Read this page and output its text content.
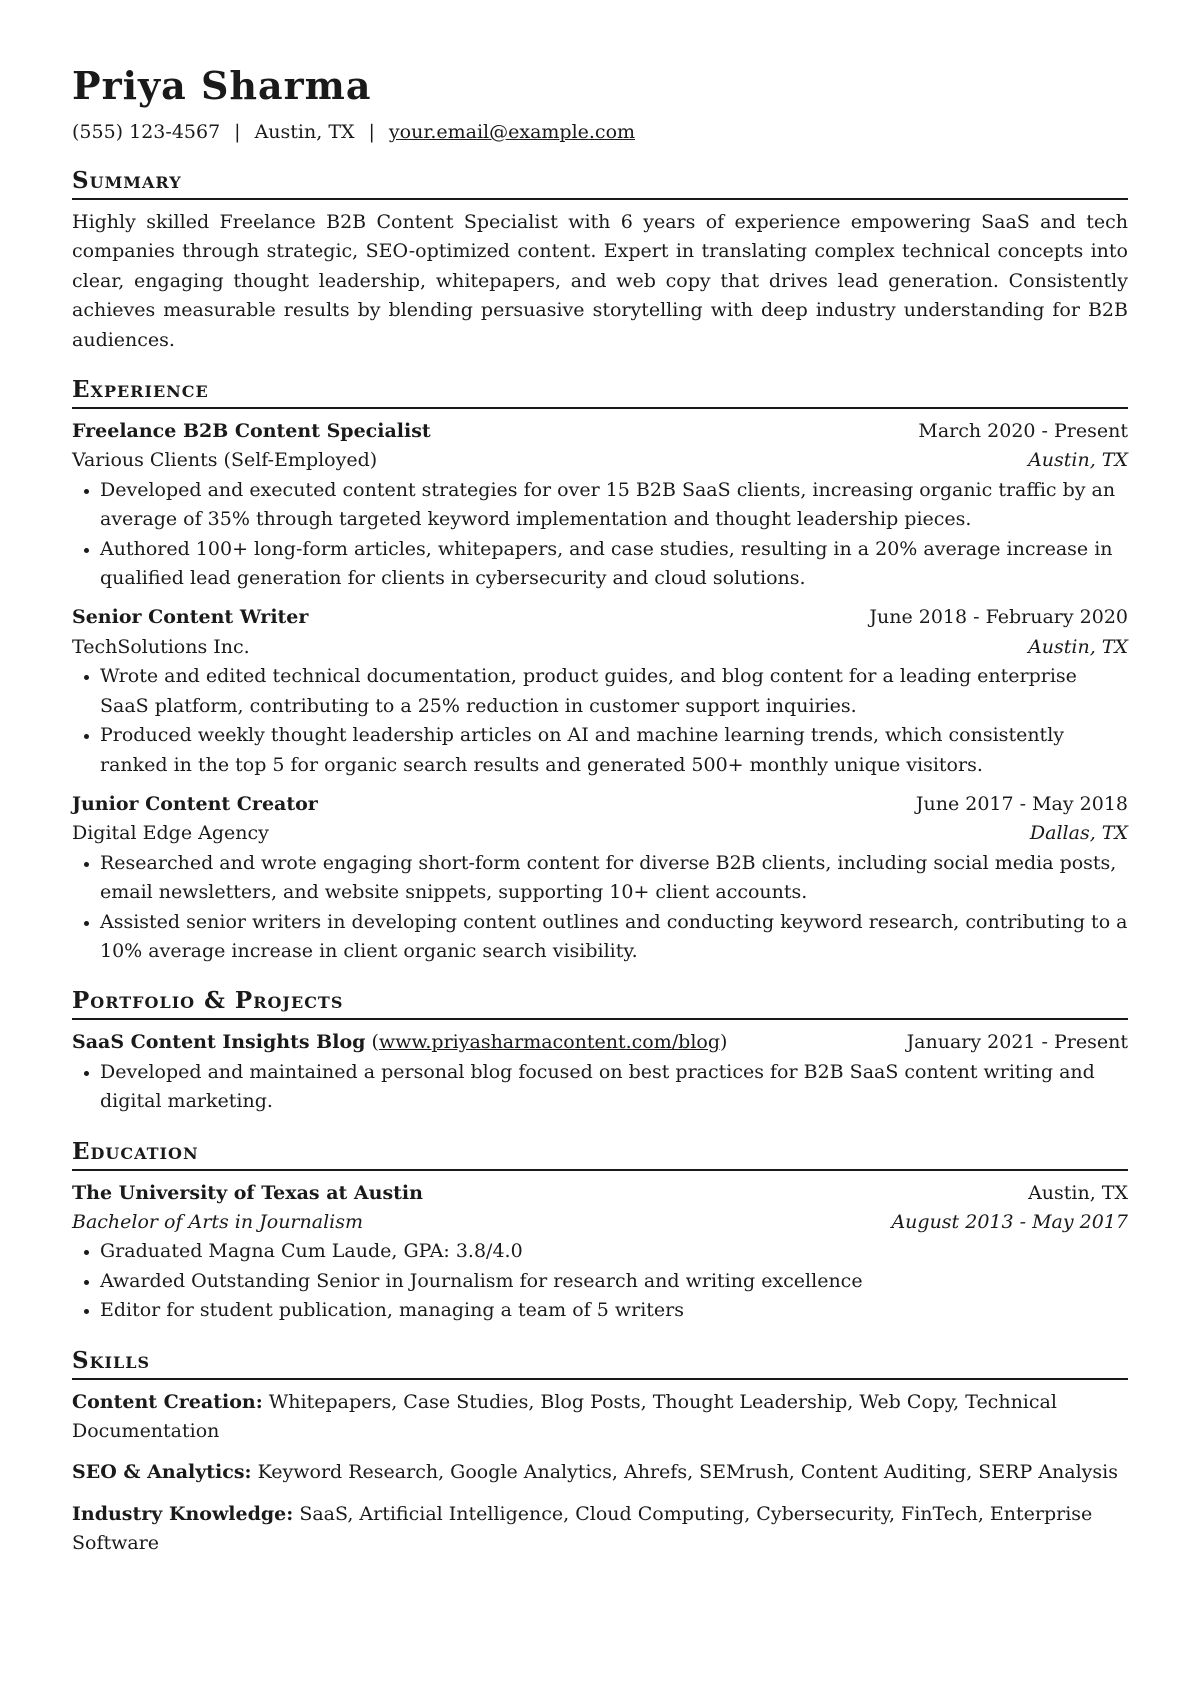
Priya Sharma
(555) 123-4567 | Austin, TX | your.email@example.com
Summary

Highly skilled Freelance B2B Content Specialist with 6 years of experience empowering SaaS and tech companies through strategic, SEO-optimized content. Expert in translating complex technical concepts into clear, engaging thought leadership, whitepapers, and web copy that drives lead generation. Consistently achieves measurable results by blending persuasive storytelling with deep industry understanding for B2B audiences.

Experience
Freelance B2B Content Specialist	March 2020 - Present
Various Clients (Self-Employed)	Austin, TX
• Developed and executed content strategies for over 15 B2B SaaS clients, increasing organic traffic by an average of 35% through targeted keyword implementation and thought leadership pieces.
• Authored 100+ long-form articles, whitepapers, and case studies, resulting in a 20% average increase in qualified lead generation for clients in cybersecurity and cloud solutions.
Senior Content Writer	June 2018 - February 2020
TechSolutions Inc.	Austin, TX
• Wrote and edited technical documentation, product guides, and blog content for a leading enterprise SaaS platform, contributing to a 25% reduction in customer support inquiries.
• Produced weekly thought leadership articles on AI and machine learning trends, which consistently ranked in the top 5 for organic search results and generated 500+ monthly unique visitors.
Junior Content Creator	June 2017 - May 2018
Digital Edge Agency	Dallas, TX
• Researched and wrote engaging short-form content for diverse B2B clients, including social media posts, email newsletters, and website snippets, supporting 10+ client accounts.
• Assisted senior writers in developing content outlines and conducting keyword research, contributing to a 10% average increase in client organic search visibility.
Portfolio & Projects
SaaS Content Insights Blog (www.priyasharmacontent.com/blog)	January 2021 - Present
• Developed and maintained a personal blog focused on best practices for B2B SaaS content writing and digital marketing.
Education
The University of Texas at Austin	Austin, TX
Bachelor of Arts in Journalism	August 2013 - May 2017
• Graduated Magna Cum Laude, GPA: 3.8/4.0
• Awarded Outstanding Senior in Journalism for research and writing excellence
• Editor for student publication, managing a team of 5 writers
Skills

Content Creation: Whitepapers, Case Studies, Blog Posts, Thought Leadership, Web Copy, Technical Documentation

SEO & Analytics: Keyword Research, Google Analytics, Ahrefs, SEMrush, Content Auditing, SERP Analysis

Industry Knowledge: SaaS, Artificial Intelligence, Cloud Computing, Cybersecurity, FinTech, Enterprise Software
